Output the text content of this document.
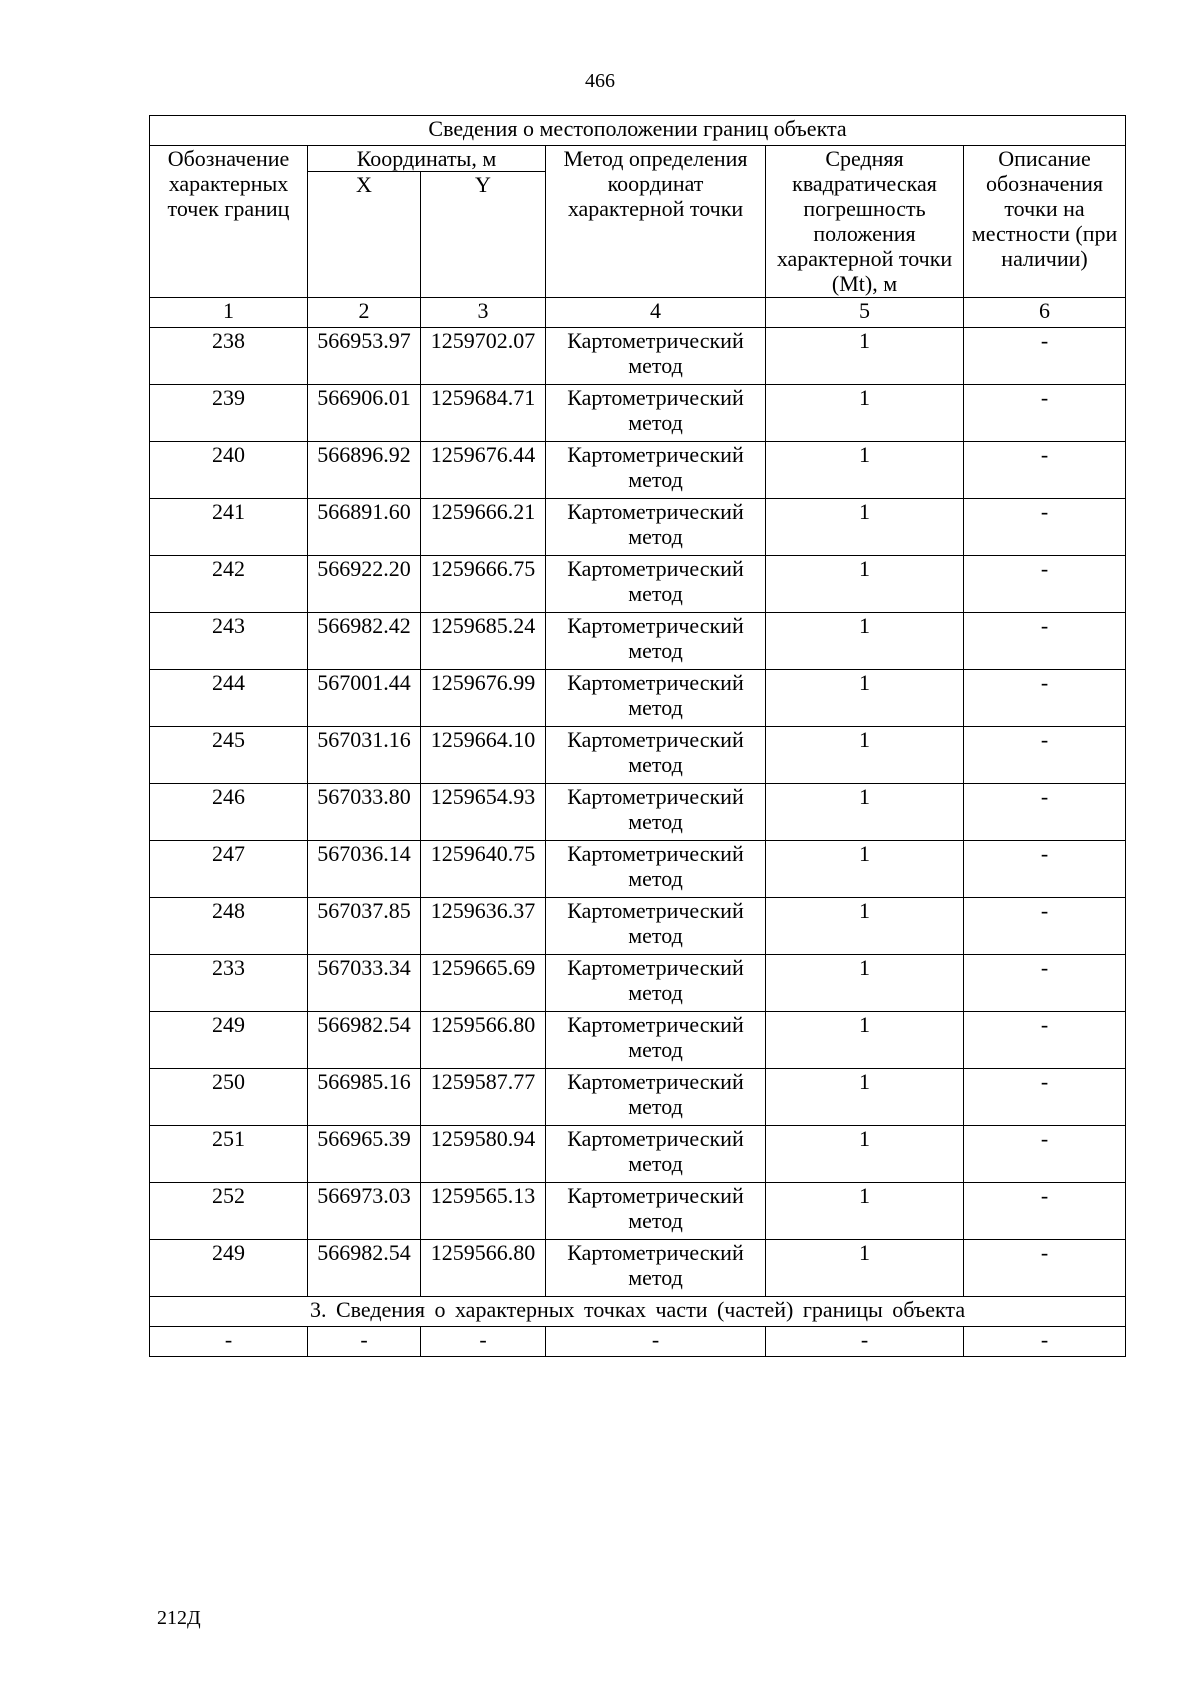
466
Сведения о местоположении границ объекта					
Обозначение характерных точек границ	Координаты, м		Метод определения координат характерной точки	Средняя квадратическая погрешность положения характерной точки (Mt), м	Описание обозначения точки на местности (при наличии)
	X	Y			
1	2	3	4	5	6
238	566953.97	1259702.07	Картометрический метод	1	-
239	566906.01	1259684.71	Картометрический метод	1	-
240	566896.92	1259676.44	Картометрический метод	1	-
241	566891.60	1259666.21	Картометрический метод	1	-
242	566922.20	1259666.75	Картометрический метод	1	-
243	566982.42	1259685.24	Картометрический метод	1	-
244	567001.44	1259676.99	Картометрический метод	1	-
245	567031.16	1259664.10	Картометрический метод	1	-
246	567033.80	1259654.93	Картометрический метод	1	-
247	567036.14	1259640.75	Картометрический метод	1	-
248	567037.85	1259636.37	Картометрический метод	1	-
233	567033.34	1259665.69	Картометрический метод	1	-
249	566982.54	1259566.80	Картометрический метод	1	-
250	566985.16	1259587.77	Картометрический метод	1	-
251	566965.39	1259580.94	Картометрический метод	1	-
252	566973.03	1259565.13	Картометрический метод	1	-
249	566982.54	1259566.80	Картометрический метод	1	-
3. Сведения о характерных точках части (частей) границы объекта					
-	-	-	-	-	-
212Д
